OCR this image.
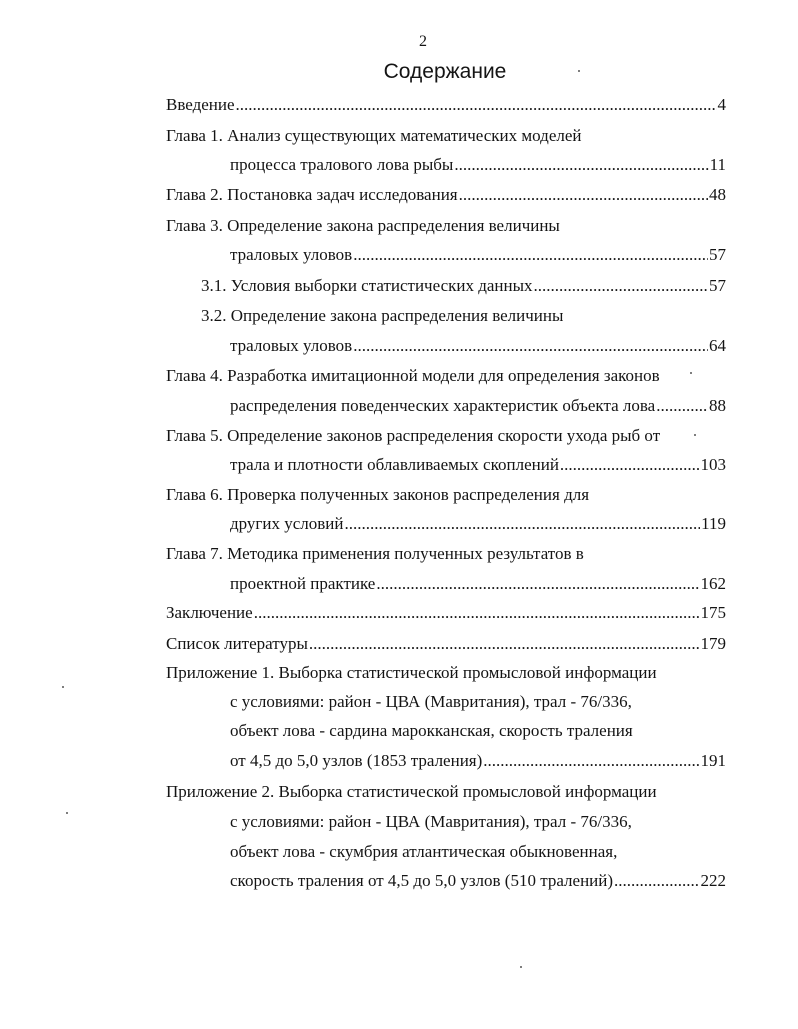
2
Содержание
Введение .....	4
Глава 1. Анализ существующих математических моделей
процесса тралового лова рыбы .....	11
Глава 2. Постановка задач исследования .....	48
Глава 3. Определение закона распределения величины
траловых уловов .....	57
3.1. Условия выборки статистических данных .....	57
3.2. Определение закона распределения величины
траловых уловов .....	64
Глава 4. Разработка имитационной модели для определения законов
распределения поведенческих характеристик объекта лова .....	88
Глава 5. Определение законов распределения скорости ухода рыб от
трала и плотности облавливаемых скоплений .....	103
Глава 6. Проверка полученных законов распределения для
других условий .....	119
Глава 7. Методика применения полученных результатов в
проектной практике .....	162
Заключение .....	175
Список литературы .....	179
Приложение 1. Выборка статистической промысловой информации
с условиями: район - ЦВА (Мавритания), трал - 76/336,
объект лова - сардина марокканская, скорость траления
от 4,5 до 5,0 узлов (1853 траления) .....	191
Приложение 2. Выборка статистической промысловой информации
с условиями: район - ЦВА (Мавритания), трал - 76/336,
объект лова - скумбрия атлантическая обыкновенная,
скорость траления от 4,5 до 5,0 узлов (510 тралений) .....	222
